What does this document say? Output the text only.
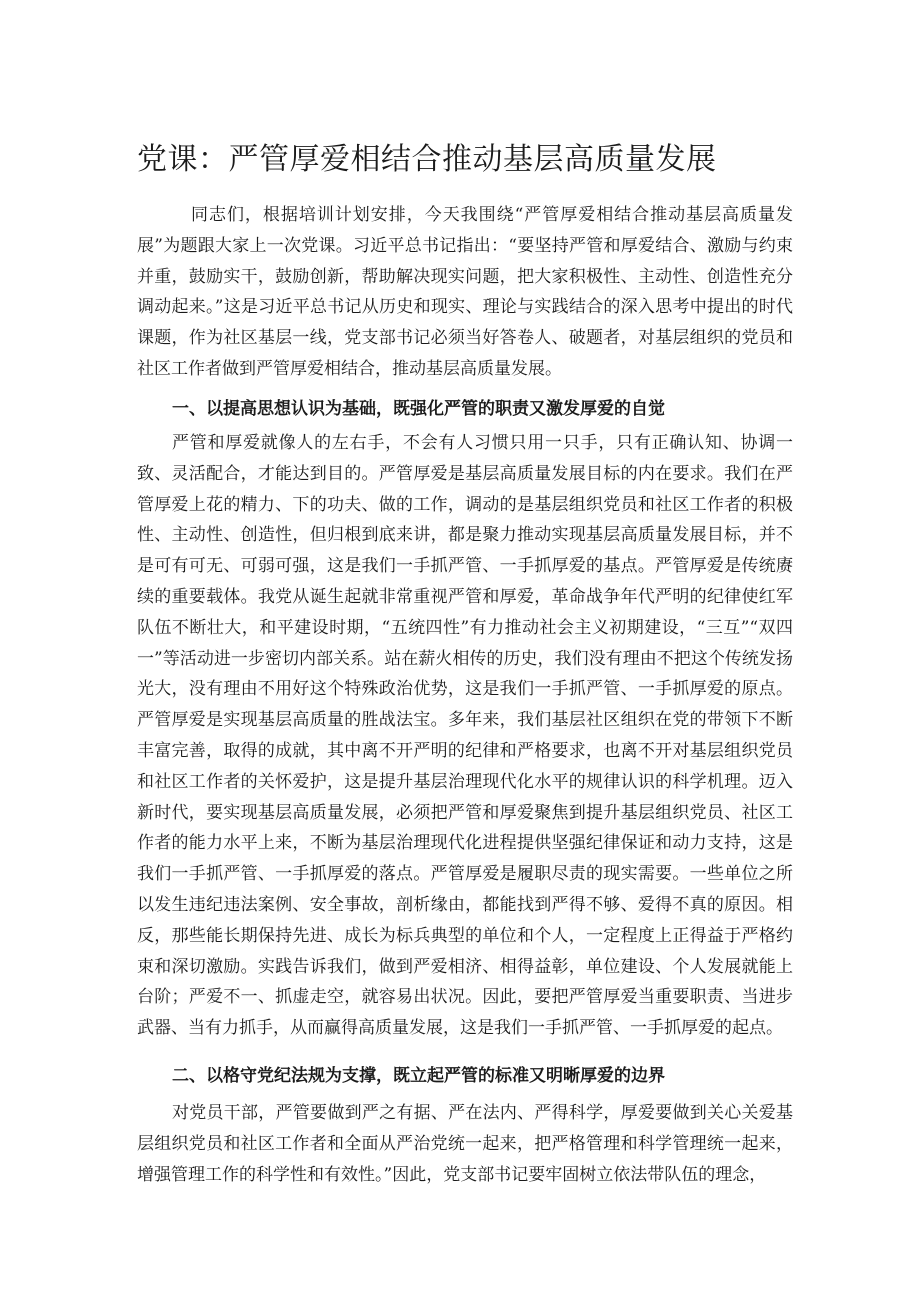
党课：严管厚爱相结合推动基层高质量发展

同志们，根据培训计划安排，今天我围绕“严管厚爱相结合推动基层高质量发展”为题跟大家上一次党课。习近平总书记指出：“要坚持严管和厚爱结合、激励与约束并重，鼓励实干，鼓励创新，帮助解决现实问题，把大家积极性、主动性、创造性充分调动起来。”这是习近平总书记从历史和现实、理论与实践结合的深入思考中提出的时代课题，作为社区基层一线，党支部书记必须当好答卷人、破题者，对基层组织的党员和社区工作者做到严管厚爱相结合，推动基层高质量发展。

一、以提高思想认识为基础，既强化严管的职责又激发厚爱的自觉

严管和厚爱就像人的左右手，不会有人习惯只用一只手，只有正确认知、协调一致、灵活配合，才能达到目的。严管厚爱是基层高质量发展目标的内在要求。我们在严管厚爱上花的精力、下的功夫、做的工作，调动的是基层组织党员和社区工作者的积极性、主动性、创造性，但归根到底来讲，都是聚力推动实现基层高质量发展目标，并不是可有可无、可弱可强，这是我们一手抓严管、一手抓厚爱的基点。严管厚爱是传统赓续的重要载体。我党从诞生起就非常重视严管和厚爱，革命战争年代严明的纪律使红军队伍不断壮大，和平建设时期，“五统四性”有力推动社会主义初期建设，“三互”“双四一”等活动进一步密切内部关系。站在薪火相传的历史，我们没有理由不把这个传统发扬光大，没有理由不用好这个特殊政治优势，这是我们一手抓严管、一手抓厚爱的原点。严管厚爱是实现基层高质量的胜战法宝。多年来，我们基层社区组织在党的带领下不断丰富完善，取得的成就，其中离不开严明的纪律和严格要求，也离不开对基层组织党员和社区工作者的关怀爱护，这是提升基层治理现代化水平的规律认识的科学机理。迈入新时代，要实现基层高质量发展，必须把严管和厚爱聚焦到提升基层组织党员、社区工作者的能力水平上来，不断为基层治理现代化进程提供坚强纪律保证和动力支持，这是我们一手抓严管、一手抓厚爱的落点。严管厚爱是履职尽责的现实需要。一些单位之所以发生违纪违法案例、安全事故，剖析缘由，都能找到严得不够、爱得不真的原因。相反，那些能长期保持先进、成长为标兵典型的单位和个人，一定程度上正得益于严格约束和深切激励。实践告诉我们，做到严爱相济、相得益彰，单位建设、个人发展就能上台阶；严爱不一、抓虚走空，就容易出状况。因此，要把严管厚爱当重要职责、当进步武器、当有力抓手，从而赢得高质量发展，这是我们一手抓严管、一手抓厚爱的起点。

二、以格守党纪法规为支撑，既立起严管的标准又明晰厚爱的边界

对党员干部，严管要做到严之有据、严在法内、严得科学，厚爱要做到关心关爱基层组织党员和社区工作者和全面从严治党统一起来，把严格管理和科学管理统一起来，增强管理工作的科学性和有效性。”因此，党支部书记要牢固树立依法带队伍的理念，
